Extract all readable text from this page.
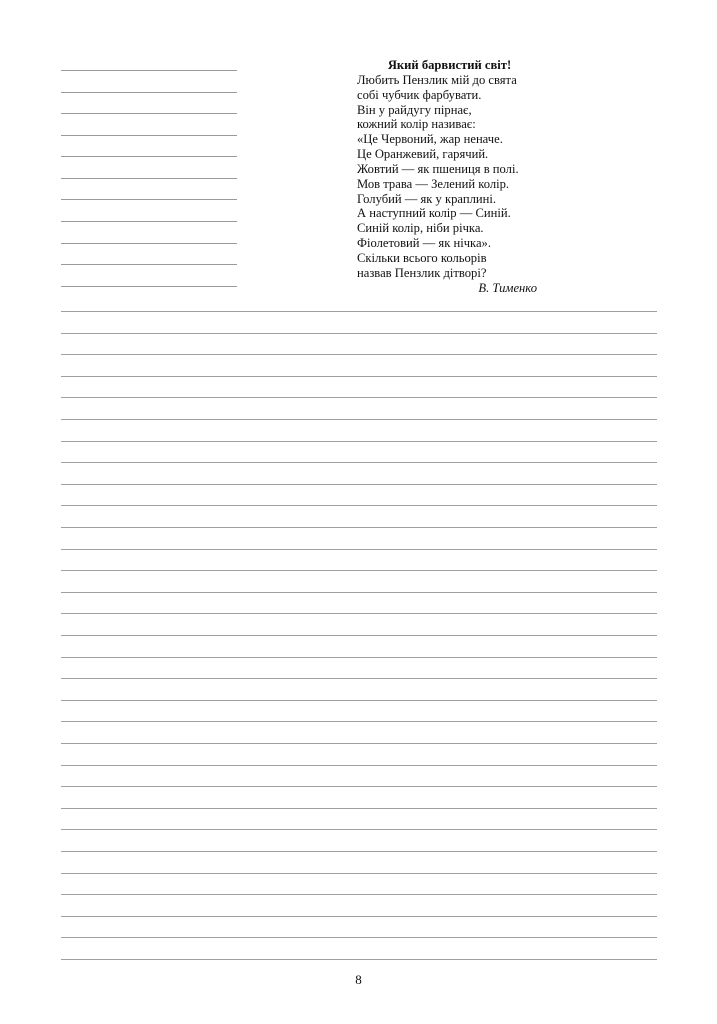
Який барвистий світ!
Любить Пензлик мій до свята
собі чубчик фарбувати.
Він у райдугу пірнає,
кожний колір називає:
«Це Червоний, жар неначе.
Це Оранжевий, гарячий.
Жовтий — як пшениця в полі.
Мов трава — Зелений колір.
Голубий — як у краплині.
А наступний колір — Синій.
Синій колір, ніби річка.
Фіолетовий — як нічка».
Скільки всього кольорів
назвав Пензлик дітворі?
В. Тименко
8
